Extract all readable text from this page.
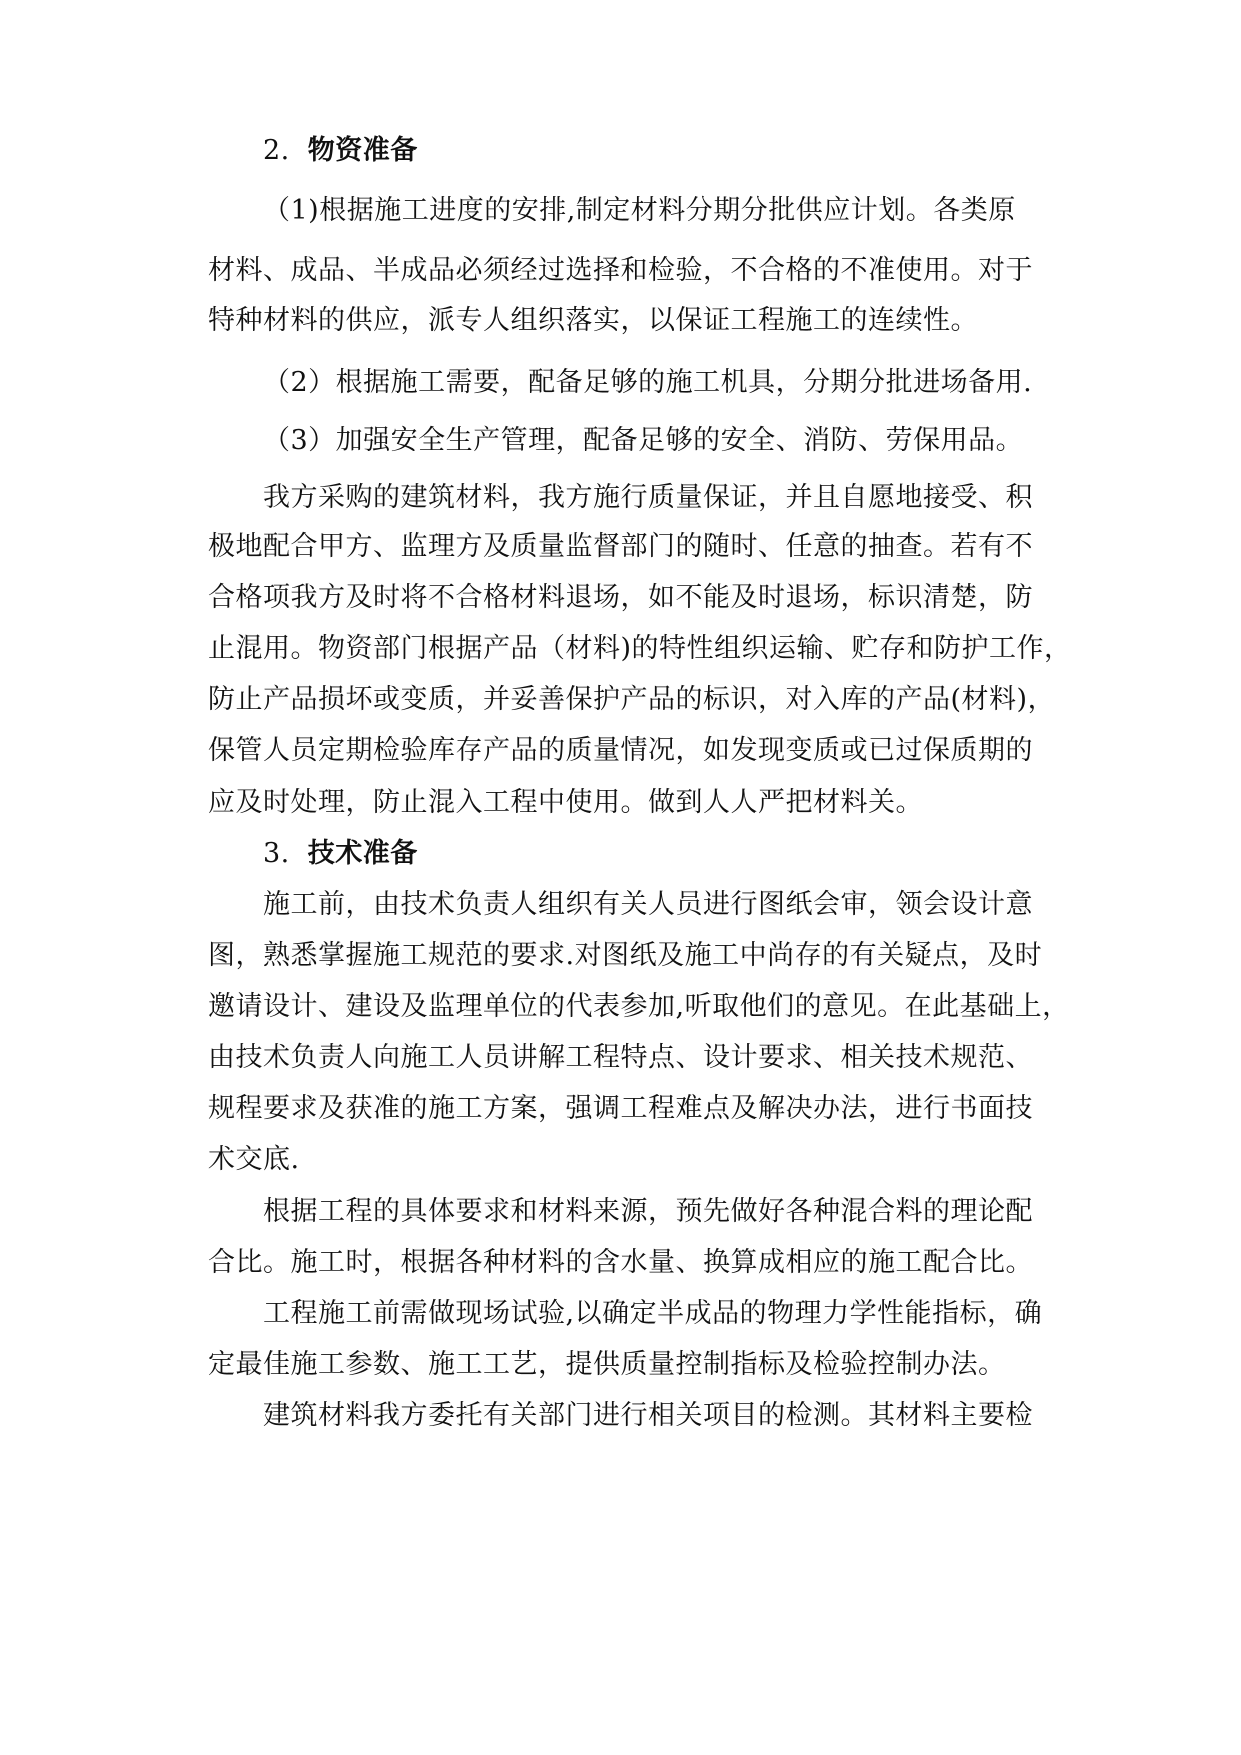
2. 物资准备
（1)根据施工进度的安排,制定材料分期分批供应计划。各类原
材料、成品、半成品必须经过选择和检验，不合格的不准使用。对于
特种材料的供应，派专人组织落实，以保证工程施工的连续性。
（2）根据施工需要，配备足够的施工机具，分期分批进场备用.
（3）加强安全生产管理，配备足够的安全、消防、劳保用品。
我方采购的建筑材料，我方施行质量保证，并且自愿地接受、积
极地配合甲方、监理方及质量监督部门的随时、任意的抽查。若有不
合格项我方及时将不合格材料退场，如不能及时退场，标识清楚，防
止混用。物资部门根据产品（材料)的特性组织运输、贮存和防护工作，
防止产品损坏或变质，并妥善保护产品的标识，对入库的产品(材料)，
保管人员定期检验库存产品的质量情况，如发现变质或已过保质期的
应及时处理，防止混入工程中使用。做到人人严把材料关。
3. 技术准备
施工前，由技术负责人组织有关人员进行图纸会审，领会设计意
图，熟悉掌握施工规范的要求.对图纸及施工中尚存的有关疑点，及时
邀请设计、建设及监理单位的代表参加,听取他们的意见。在此基础上，
由技术负责人向施工人员讲解工程特点、设计要求、相关技术规范、
规程要求及获准的施工方案，强调工程难点及解决办法，进行书面技
术交底.
根据工程的具体要求和材料来源，预先做好各种混合料的理论配
合比。施工时，根据各种材料的含水量、换算成相应的施工配合比。
工程施工前需做现场试验,以确定半成品的物理力学性能指标，确
定最佳施工参数、施工工艺，提供质量控制指标及检验控制办法。
建筑材料我方委托有关部门进行相关项目的检测。其材料主要检
